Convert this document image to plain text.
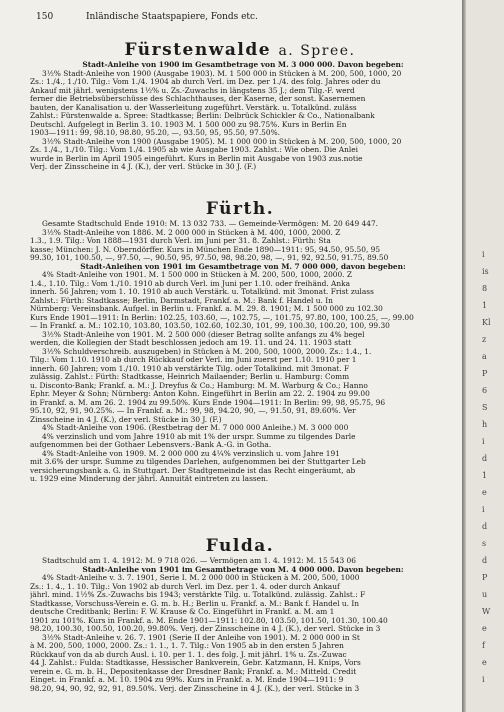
150	Inländische Staatspapiere, Fonds etc.
Fürstenwalde a. Spree.

Stadt-Anleihe von 1900 im Gesamtbetrage von M. 3 000 000. Davon begeben:

3½% Stadt-Anleihe von 1900 (Ausgabe 1903). M. 1 500 000 in Stücken à M. 200, 500, 1000, 20

Zs.: 1./4., 1./10. Tilg.: Vom 1./4. 1904 ab durch Verl. im Dez. per 1./4. des folg. Jahres oder du

Ankauf mit jährl. wenigstens 1½% u. Zs.-Zuwachs in längstens 35 J.; dem Tilg.-F. werd

ferner die Betriebsüberschüsse des Schlachthauses, der Kaserne, der sonst. Kasernemen

bauten, der Kanalisation u. der Wasserleitung zugeführt. Verstärk. u. Totalkünd. zuläss

Zahlst.: Fürstenwalde a. Spree: Stadtkasse; Berlin: Delbrück Schickler & Co., Nationalbank

Deutschl. Aufgelegt in Berlin 3. 10. 1903 M. 1 500 000 zu 98.75%. Kurs in Berlin En

1903—1911: 99, 98.10, 98.80, 95.20, —, 93.50, 95, 95.50, 97.50%.

3½% Stadt-Anleihe von 1900 (Ausgabe 1905). M. 1 000 000 in Stücken à M. 200, 500, 1000, 20

Zs. 1./4., 1./10. Tilg.: Vom 1./4. 1905 ab wie Ausgabe 1903. Zahlst.: Wie oben. Die Anlei

wurde in Berlin im April 1905 eingeführt. Kurs in Berlin mit Ausgabe von 1903 zus.notie

Verj. der Zinsscheine in 4 J. (K.), der verl. Stücke in 30 J. (F.)

Fürth.

Gesamte Stadtschuld Ende 1910: M. 13 032 733. — Gemeinde-Vermögen: M. 20 649 447.

3½% Stadt-Anleihe von 1886. M. 2 000 000 in Stücken à M. 400, 1000, 2000. Z

1.3., 1.9. Tilg.: Von 1888—1931 durch Verl. im Juni per 31. 8. Zahlst.: Fürth: Sta

kasse; München: J. N. Oberndörffer. Kurs in München Ende 1890—1911: 95, 94.50, 95.50, 95

99.30, 101, 100.50, —, 97.50, —, 90.50, 95, 97.50, 98, 98.20, 98, —, 91, 92, 92.50, 91.75, 89.50

Stadt-Anleihen von 1901 im Gesamtbetrage von M. 7 000 000, davon begeben:

4% Stadt-Anleihe von 1901. M. 1 500 000 in Stücken à M. 200, 500, 1000, 2000. Z

1.4., 1.10. Tilg.: Vom 1./10. 1910 ab durch Verl. im Juni per 1.10. oder freihänd. Anka

innerh. 56 Jahren; vom 1. 10. 1910 ab auch Verstärk. u. Totalkünd. mit 3monat. Frist zulass

Zahlst.: Fürth: Stadtkasse; Berlin, Darmstadt, Frankf. a. M.: Bank f. Handel u. In

Nürnberg: Vereinsbank. Aufgel. in Berlin u. Frankf. a. M. 29. 8. 1901; M. 1 500 000 zu 102.30

Kurs Ende 1901—1911: In Berlin: 102.25, 103.60, —, 102.75, —, 101.75, 97.80, 100, 100.25, —, 99.00

— In Frankf. a. M.: 102.10, 103.80, 103.50, 102.60, 102.30, 101, 99, 100.30, 100.20, 100, 99.30

3½% Stadt-Anleihe von 1901. M. 2 500 000 (dieser Betrag sollte anfangs zu 4% begel

werden, die Kollegien der Stadt beschlossen jedoch am 19. 11. und 24. 11. 1903 statt

3½% Schuldverschreib. auszugeben) in Stücken à M. 200, 500, 1000, 2000. Zs.: 1.4., 1.

Tilg.: Vom 1.10. 1910 ab durch Rückkauf oder Verl. im Juni zuerst per 1.10. 1910 per 1

innerh. 60 Jahren; vom 1./10. 1910 ab verstärkte Tilg. oder Totalkünd. mit 3monat. F

zulässig. Zahlst.: Fürth: Stadtkasse, Heinrich Mailaender; Berlin u. Hamburg: Comm

u. Disconto-Bank; Frankf. a. M.: J. Dreyfus & Co.; Hamburg: M. M. Warburg & Co.; Hanno

Ephr. Meyer & Sohn; Nürnberg: Anton Kohn. Eingeführt in Berlin am 22. 2. 1904 zu 99.00

in Frankf. a. M. am 26. 2. 1904 zu 99.50%. Kurs Ende 1904—1911: In Berlin: 99, 98, 95.75, 96

95.10, 92, 91, 90.25%. — In Frankf. a. M.: 99, 98, 94.20, 90, —, 91.50, 91, 89.60%. Ver

Zinsscheine in 4 J. (K.), der verl. Stücke in 30 J. (F.)

4% Stadt-Anleihe von 1906. (Restbetrag der M. 7 000 000 Anleihe.) M. 3 000 000

4% verzinslich und vom Jahre 1910 ab mit 1% der urspr. Summe zu tilgendes Darle

aufgenommen bei der Gothaer Lebensvers.-Bank A.-G. in Gotha.

4% Stadt-Anleihe von 1909. M. 2 000 000 zu 4¼% verzinslich u. vom Jahre 191

mit 3.6% der urspr. Summe zu tilgendes Darlehen, aufgenommen bei der Stuttgarter Leb

versicherungsbank a. G. in Stuttgart. Der Stadtgemeinde ist das Recht eingeräumt, ab

u. 1929 eine Minderung der jährl. Annuität eintreten zu lassen.

Fulda.

Stadtschuld am 1. 4. 1912: M. 9 718 026. — Vermögen am 1. 4. 1912: M. 15 543 06

Stadt-Anleihe von 1901 im Gesamtbetrage von M. 4 000 000. Davon begeben:

4% Stadt-Anleihe v. 3. 7. 1901, Serie I. M. 2 000 000 in Stücken à M. 200, 500, 1000

Zs.: 1. 4., 1. 10. Tilg.: Von 1902 ab durch Verl. im Dez. per 1. 4. oder durch Ankauf

jährl. mind. 1½% Zs.-Zuwachs bis 1943; verstärkte Tilg. u. Totalkünd. zulässig. Zahlst.: F

Stadtkasse, Vorschuss-Verein e. G. m. b. H.; Berlin u. Frankf. a. M.: Bank f. Handel u. In

deutsche Creditbank; Berlin: F. W. Krause & Co. Eingeführt in Frankf. a. M. am 1

1901 zu 101%. Kurs in Frankf. a. M. Ende 1901—1911: 102.80, 103.50, 101.50, 101.30, 100.40

98.20, 100.30, 100.50, 100.20, 99.80%. Verj. der Zinsscheine in 4 J. (K.), der verl. Stücke in 3

3½% Stadt-Anleihe v. 26. 7. 1901 (Serie II der Anleihe von 1901). M. 2 000 000 in St

à M. 200, 500, 1000, 2000. Zs.: 1. 1., 1. 7. Tilg.: Von 1905 ab in den ersten 5 Jahren

Rückkauf von da ab durch Ausl. i. 10. per 1. 1. des folg. J. mit jährl. 1% u. Zs.-Zuwac

44 J. Zahlst.: Fulda: Stadtkasse, Hessischer Bankverein, Gebr. Katzmann, H. Knips, Vors

verein e. G. m. b. H., Depositenkasse der Dresdner Bank; Frankf. a. M.: Mitteld. Credit

Einget. in Frankf. a. M. 10. 1904 zu 99%. Kurs in Frankf. a. M. Ende 1904—1911: 9

98.20, 94, 90, 92, 92, 91, 89.50%. Verj. der Zinsscheine in 4 J. (K.), der verl. Stücke in 3

i
is
8
1
Kl
z
a
P
6
S
h
i
d
1
e
i
d
s
d
P
u
W
e
f
e
i
